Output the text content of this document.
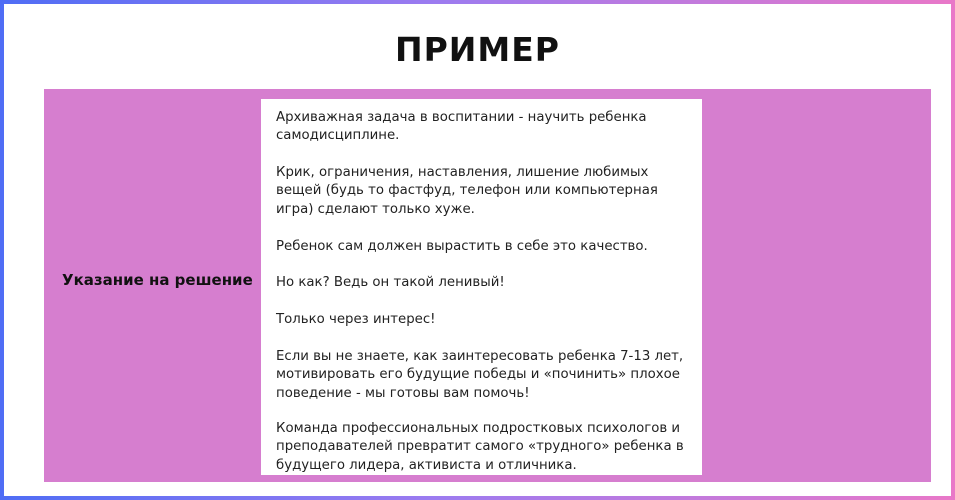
ПРИМЕР
Указание на решение
Архиважная задача в воспитании - научить ребенка самодисциплине.
Крик, ограничения, наставления, лишение любимых вещей (будь то фастфуд, телефон или компьютерная игра) сделают только хуже.
Ребенок сам должен вырастить в себе это качество.
Но как? Ведь он такой ленивый!
Только через интерес!
Если вы не знаете, как заинтересовать ребенка 7-13 лет, мотивировать его будущие победы и «починить» плохое поведение - мы готовы вам помочь!
Команда профессиональных подростковых психологов и преподавателей превратит самого «трудного» ребенка в будущего лидера, активиста и отличника.
